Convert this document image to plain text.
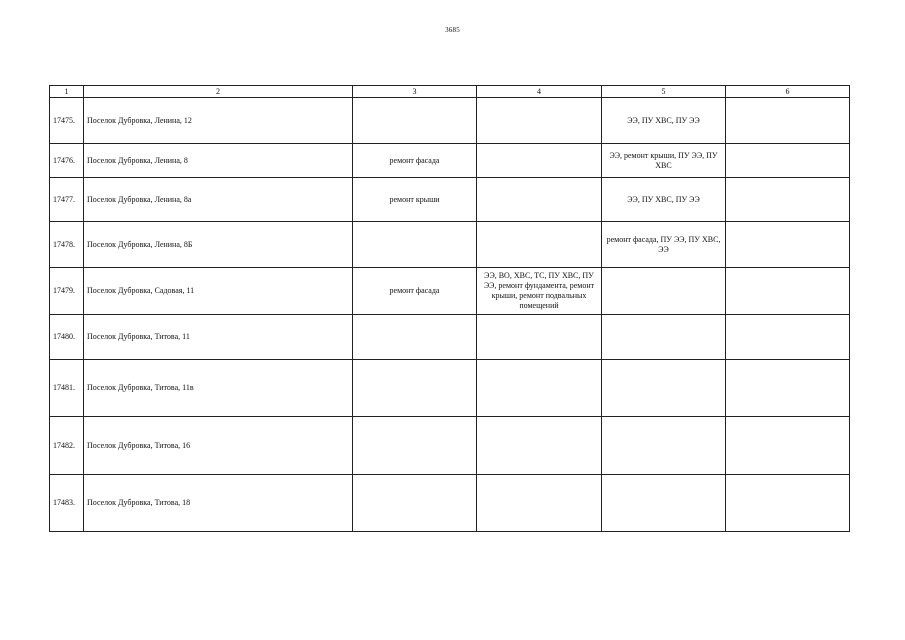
3685
1	2	3	4	5	6
17475.	Поселок Дубровка, Ленина, 12			ЭЭ, ПУ ХВС, ПУ ЭЭ	
17476.	Поселок Дубровка, Ленина, 8	ремонт фасада		ЭЭ, ремонт крыши, ПУ ЭЭ, ПУ ХВС	
17477.	Поселок Дубровка, Ленина, 8а	ремонт крыши		ЭЭ, ПУ ХВС, ПУ ЭЭ	
17478.	Поселок Дубровка, Ленина, 8Б			ремонт фасада, ПУ ЭЭ, ПУ ХВС, ЭЭ	
17479.	Поселок Дубровка, Садовая, 11	ремонт фасада	ЭЭ, ВО, ХВС, ТС, ПУ ХВС, ПУ ЭЭ, ремонт фундамента, ремонт крыши, ремонт подвальных помещений		
17480.	Поселок Дубровка, Титова, 11				
17481.	Поселок Дубровка, Титова, 11в				
17482.	Поселок Дубровка, Титова, 16				
17483.	Поселок Дубровка, Титова, 18				
